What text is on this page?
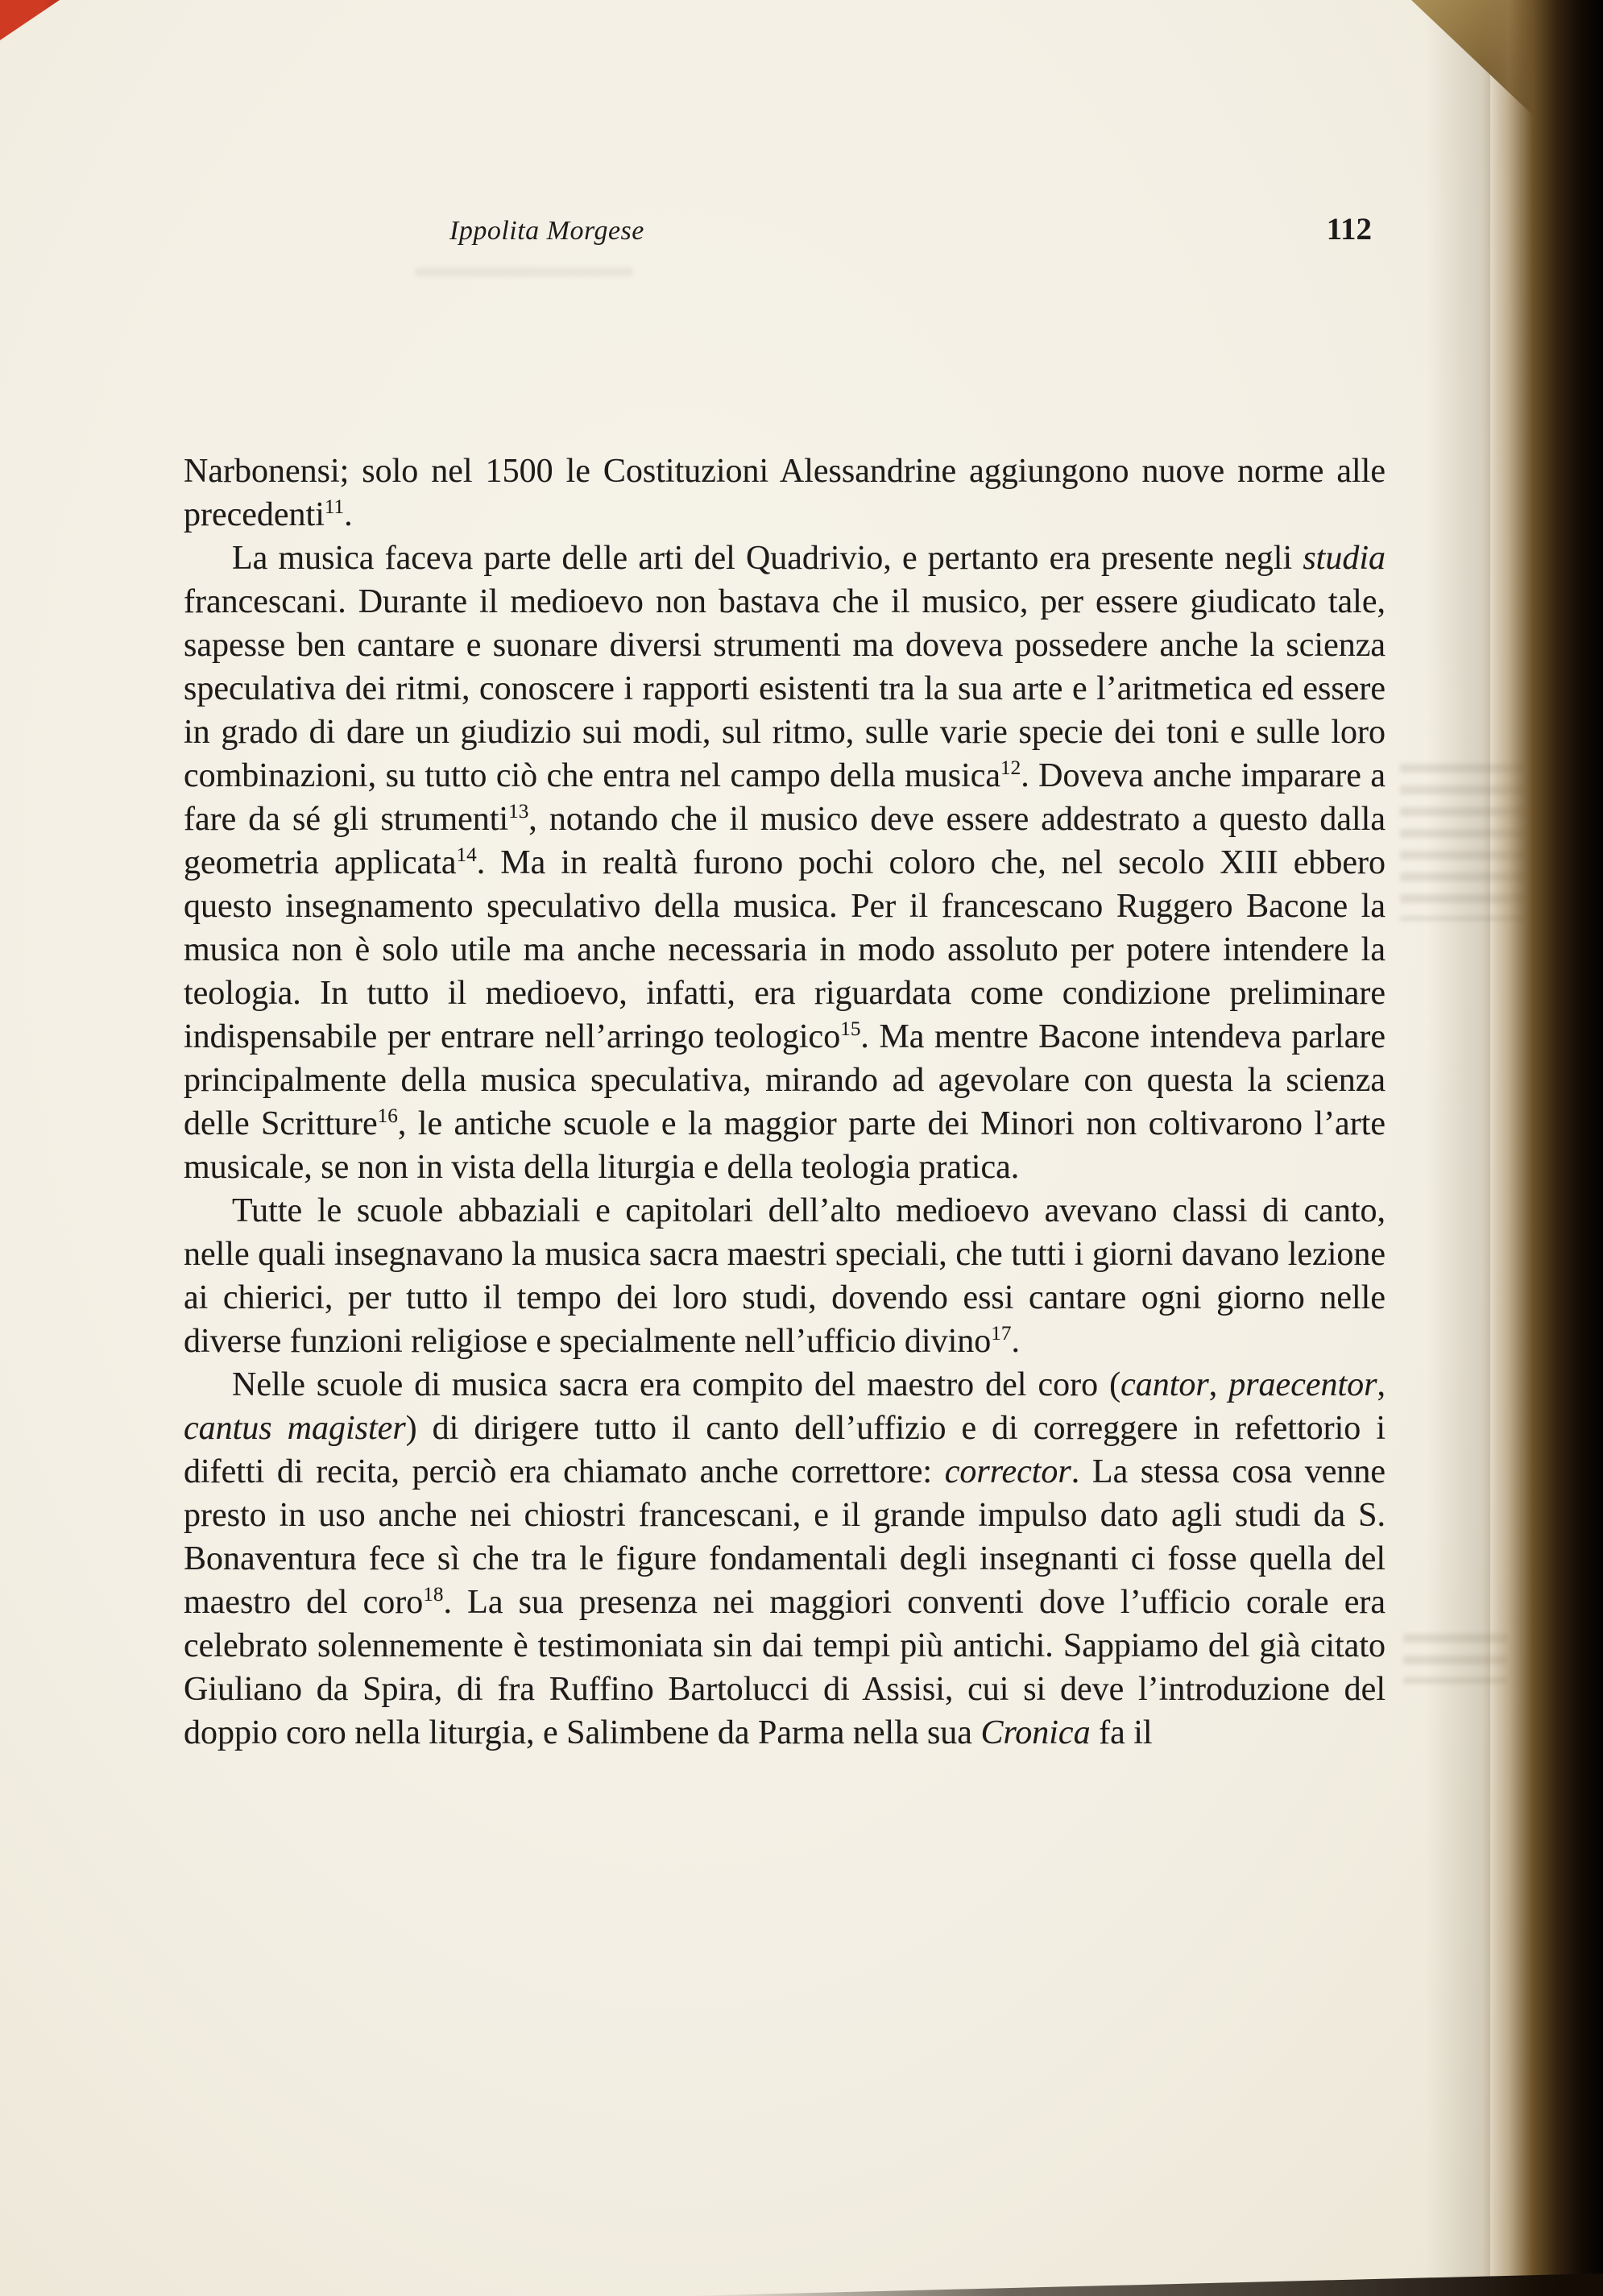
Ippolita Morgese	112

Narbonensi; solo nel 1500 le Costituzioni Alessandrine aggiungono nuove norme alle precedenti$^{11}$.

La musica faceva parte delle arti del Quadrivio, e pertanto era presente negli studia francescani. Durante il medioevo non bastava che il musico, per essere giudicato tale, sapesse ben cantare e suonare diversi strumenti ma doveva possedere anche la scienza speculativa dei ritmi, conoscere i rapporti esistenti tra la sua arte e l’aritmetica ed essere in grado di dare un giudizio sui modi, sul ritmo, sulle varie specie dei toni e sulle loro combinazioni, su tutto ciò che entra nel campo della musica$^{12}$. Doveva anche imparare a fare da sé gli strumenti$^{13}$, notando che il musico deve essere addestrato a questo dalla geometria applicata$^{14}$. Ma in realtà furono pochi coloro che, nel secolo XIII ebbero questo insegnamento speculativo della musica. Per il francescano Ruggero Bacone la musica non è solo utile ma anche necessaria in modo assoluto per potere intendere la teologia. In tutto il medioevo, infatti, era riguardata come condizione preliminare indispensabile per entrare nell’arringo teologico$^{15}$. Ma mentre Bacone intendeva parlare principalmente della musica speculativa, mirando ad agevolare con questa la scienza delle Scritture$^{16}$, le antiche scuole e la maggior parte dei Minori non coltivarono l’arte musicale, se non in vista della liturgia e della teologia pratica.

Tutte le scuole abbaziali e capitolari dell’alto medioevo avevano classi di canto, nelle quali insegnavano la musica sacra maestri speciali, che tutti i giorni davano lezione ai chierici, per tutto il tempo dei loro studi, dovendo essi cantare ogni giorno nelle diverse funzioni religiose e specialmente nell’ufficio divino$^{17}$.

Nelle scuole di musica sacra era compito del maestro del coro (cantor, praecentor, cantus magister) di dirigere tutto il canto dell’uffizio e di correggere in refettorio i difetti di recita, perciò era chiamato anche correttore: corrector. La stessa cosa venne presto in uso anche nei chiostri francescani, e il grande impulso dato agli studi da S. Bonaventura fece sì che tra le figure fondamentali degli insegnanti ci fosse quella del maestro del coro$^{18}$. La sua presenza nei maggiori conventi dove l’ufficio corale era celebrato solennemente è testimoniata sin dai tempi più antichi. Sappiamo del già citato Giuliano da Spira, di fra Ruffino Bartolucci di Assisi, cui si deve l’introduzione del doppio coro nella liturgia, e Salimbene da Parma nella sua Cronica fa il
